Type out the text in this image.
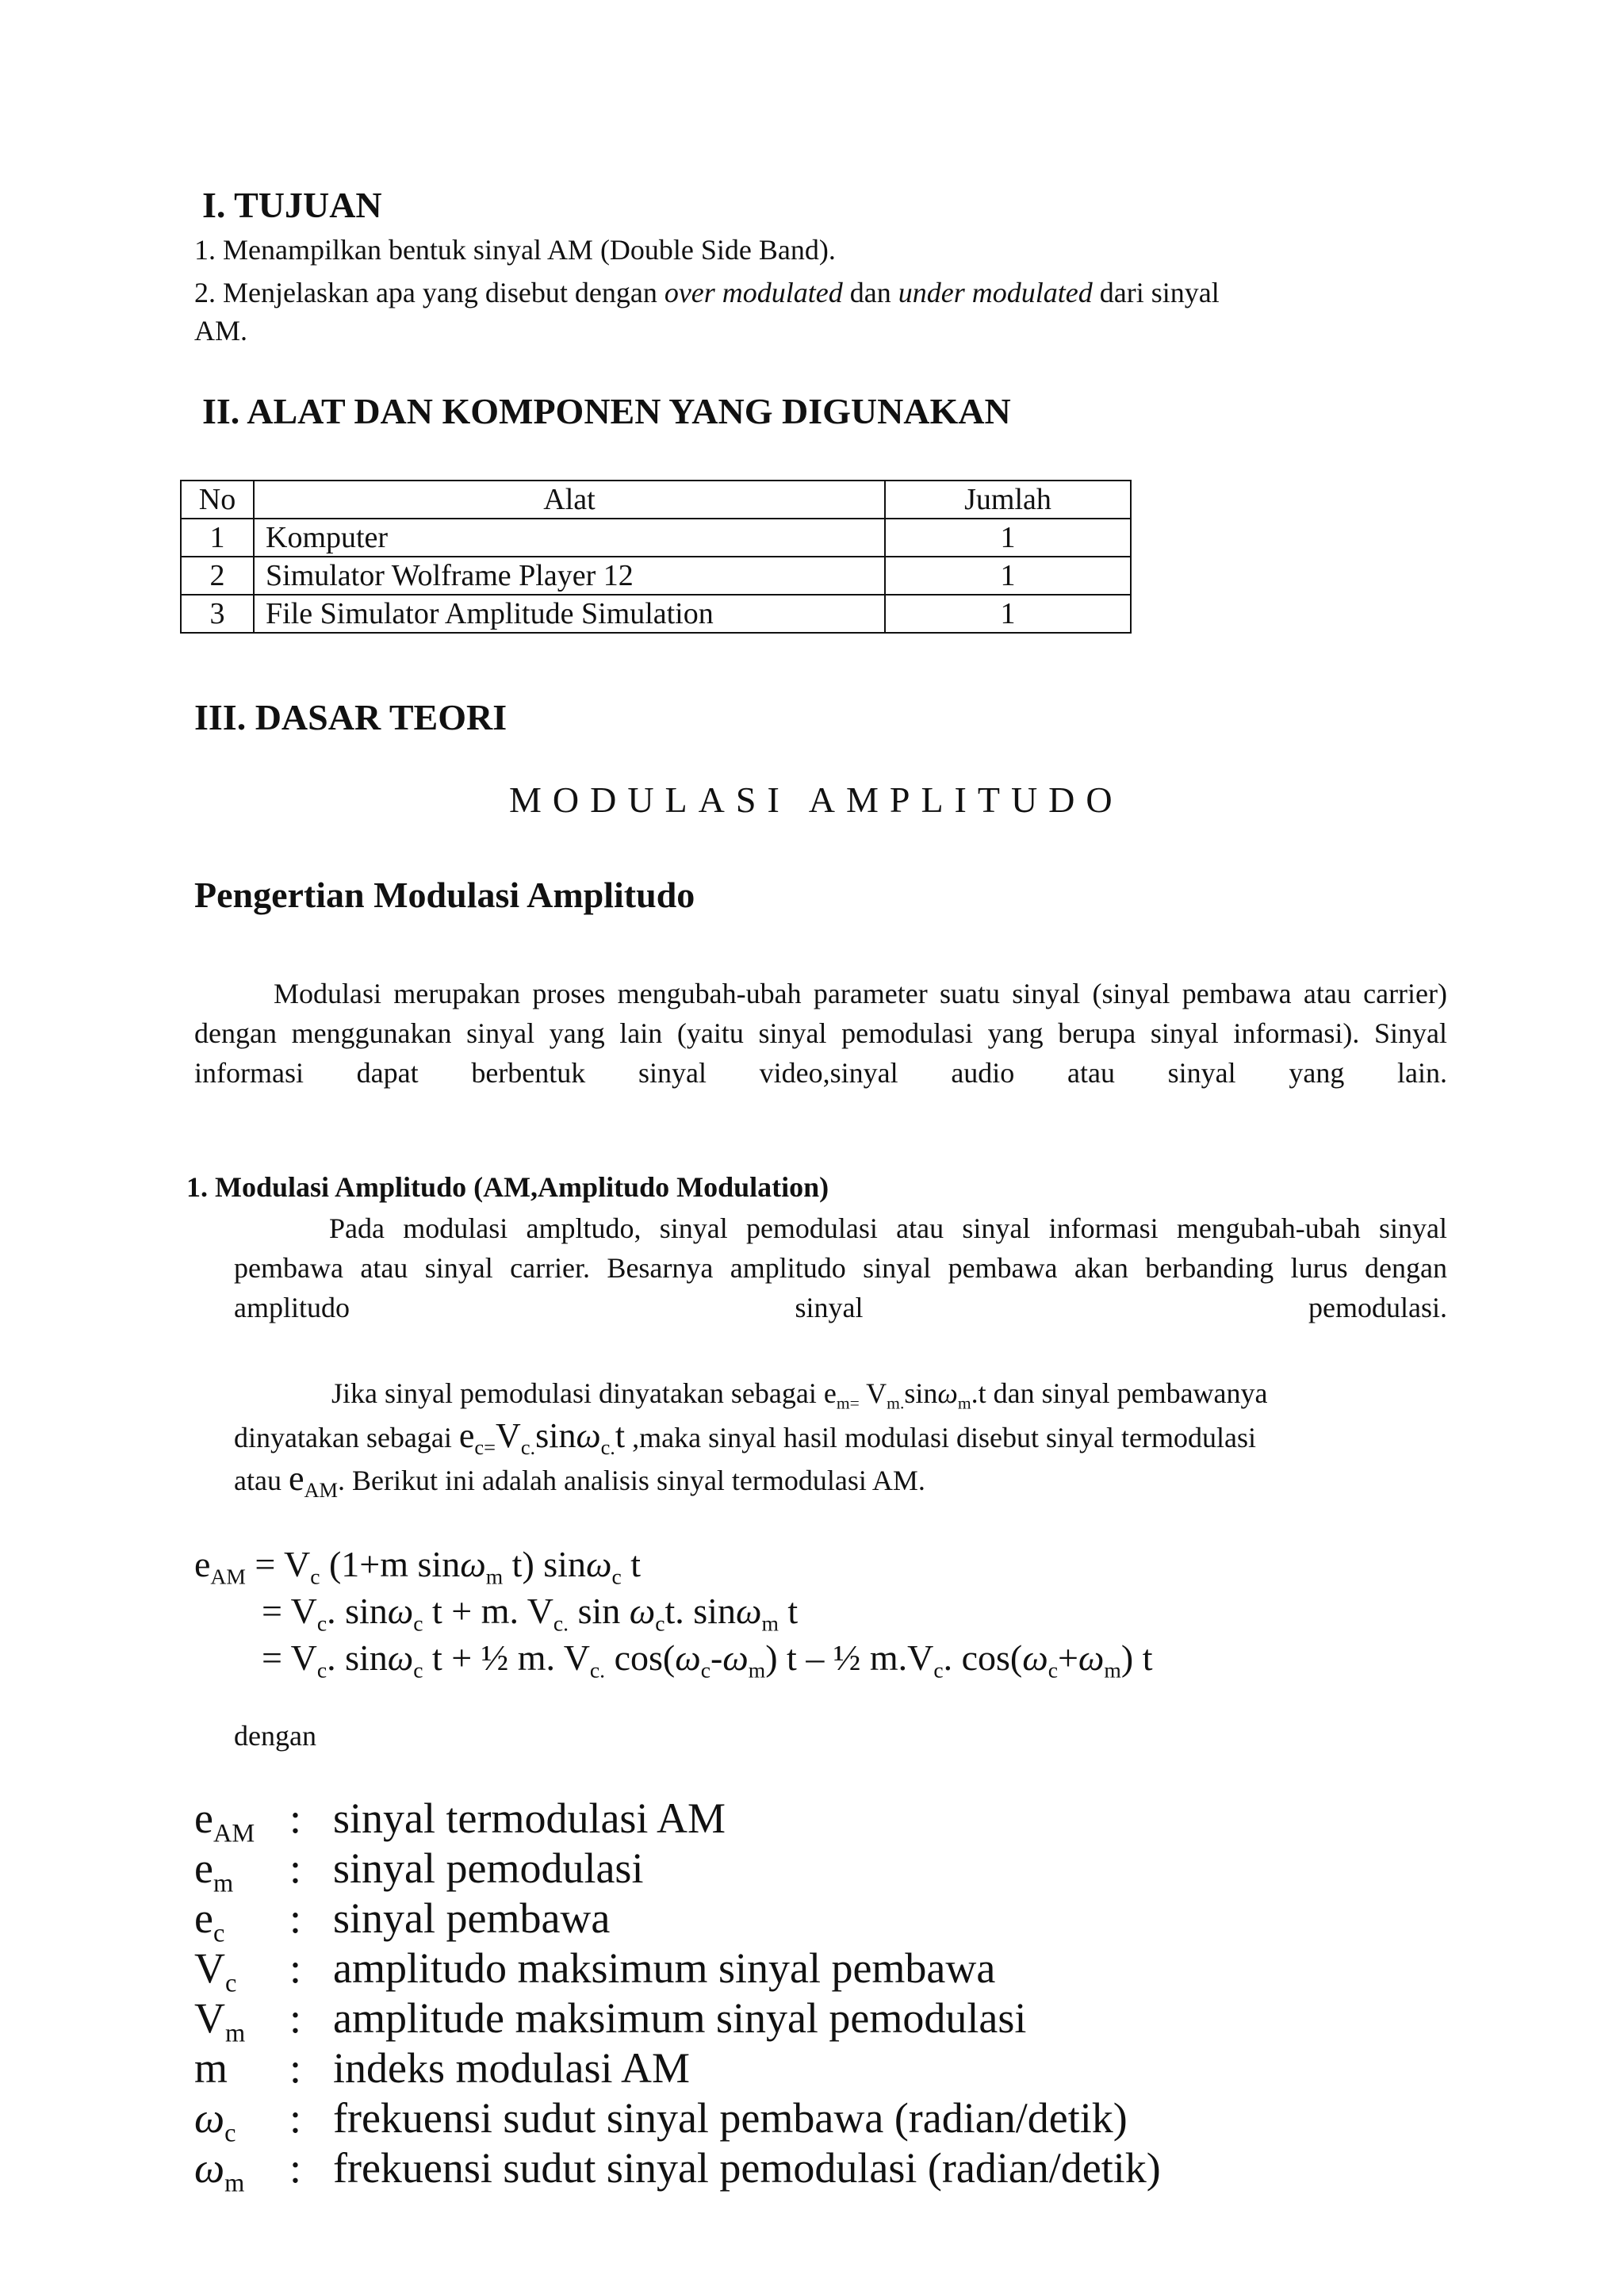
I. TUJUAN
1. Menampilkan bentuk sinyal AM (Double Side Band).
2. Menjelaskan apa yang disebut dengan over modulated dan under modulated dari sinyal
AM.
II. ALAT DAN KOMPONEN YANG DIGUNAKAN
No	Alat	Jumlah
1	Komputer	1
2	Simulator Wolframe Player 12	1
3	File Simulator Amplitude Simulation	1
III. DASAR TEORI
MODULASI AMPLITUDO
Pengertian Modulasi Amplitudo
Modulasi merupakan proses mengubah-ubah parameter suatu sinyal (sinyal pembawa atau carrier) dengan menggunakan sinyal yang lain (yaitu sinyal pemodulasi yang berupa sinyal informasi). Sinyal informasi dapat berbentuk sinyal video,sinyal audio atau sinyal yang lain.
1. Modulasi Amplitudo (AM,Amplitudo Modulation)
Pada modulasi ampltudo, sinyal pemodulasi atau sinyal informasi mengubah-ubah sinyal pembawa atau sinyal carrier. Besarnya amplitudo sinyal pembawa akan berbanding lurus dengan amplitudo sinyal pemodulasi.
Jika sinyal pemodulasi dinyatakan sebagai $e_{m=}$ $V_{m.}\sin\omega_m.t$ dan sinyal pembawanya
dinyatakan sebagai $e_{c=}V_{c.}\sin\omega_{c.}t$ ,maka sinyal hasil modulasi disebut sinyal termodulasi
atau $e_{AM}$. Berikut ini adalah analisis sinyal termodulasi AM.
$e_{AM} = V_c$ (1+m sinω$_m$ t) sinω$_c$ t
= $V_c$. sinω$_c$ t + m. $V_{c.}$ $\sin \omega_ct$. sinω$_m$ t
= $V_c$. sinω$_c$ t + ½ m. $V_{c.}$ $\cos(\omega_c-\omega_m)$ t – ½ $m.V_c$. $\cos(\omega_c+\omega_m)$ t
dengan
$e_{AM}$ : sinyal termodulasi AM
$e_m$ : sinyal pemodulasi
$e_c$ : sinyal pembawa
$V_c$ : amplitudo maksimum sinyal pembawa
$V_m$ : amplitude maksimum sinyal pemodulasi
m : indeks modulasi AM
$\omega_c$ : frekuensi sudut sinyal pembawa (radian/detik)
$\omega_m$ : frekuensi sudut sinyal pemodulasi (radian/detik)
